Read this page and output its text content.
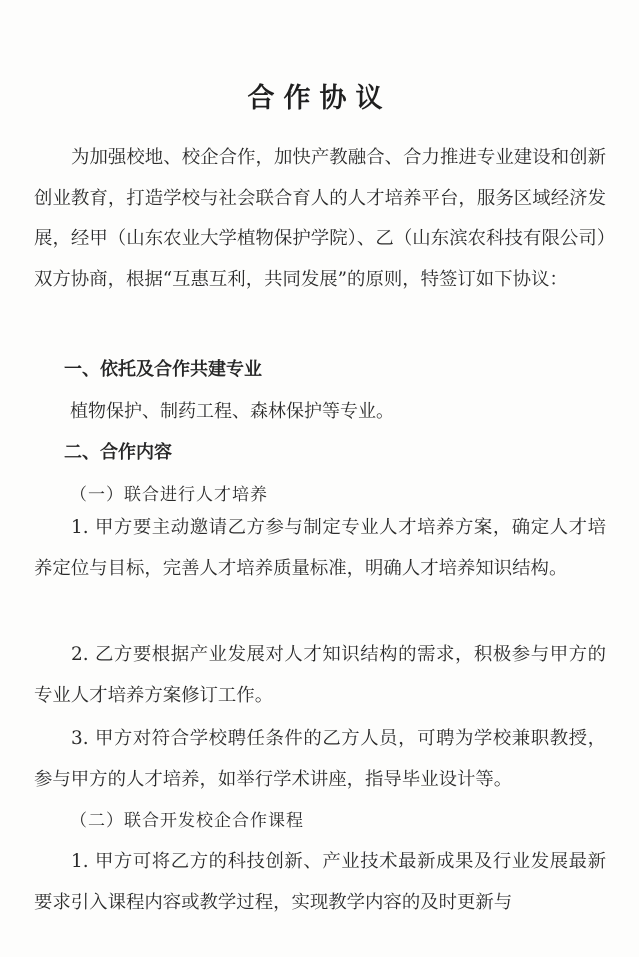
合作协议

为加强校地、校企合作，加快产教融合、合力推进专业建设和创新创业教育，打造学校与社会联合育人的人才培养平台，服务区域经济发展，经甲（山东农业大学植物保护学院）、乙（山东滨农科技有限公司）双方协商，根据“互惠互利，共同发展”的原则，特签订如下协议：

一、依托及合作共建专业
植物保护、制药工程、森林保护等专业。
二、合作内容
（一）联合进行人才培养

1. 甲方要主动邀请乙方参与制定专业人才培养方案，确定人才培养定位与目标，完善人才培养质量标准，明确人才培养知识结构。

2. 乙方要根据产业发展对人才知识结构的需求，积极参与甲方的专业人才培养方案修订工作。

3. 甲方对符合学校聘任条件的乙方人员，可聘为学校兼职教授，参与甲方的人才培养，如举行学术讲座，指导毕业设计等。

（二）联合开发校企合作课程

1. 甲方可将乙方的科技创新、产业技术最新成果及行业发展最新要求引入课程内容或教学过程，实现教学内容的及时更新与
